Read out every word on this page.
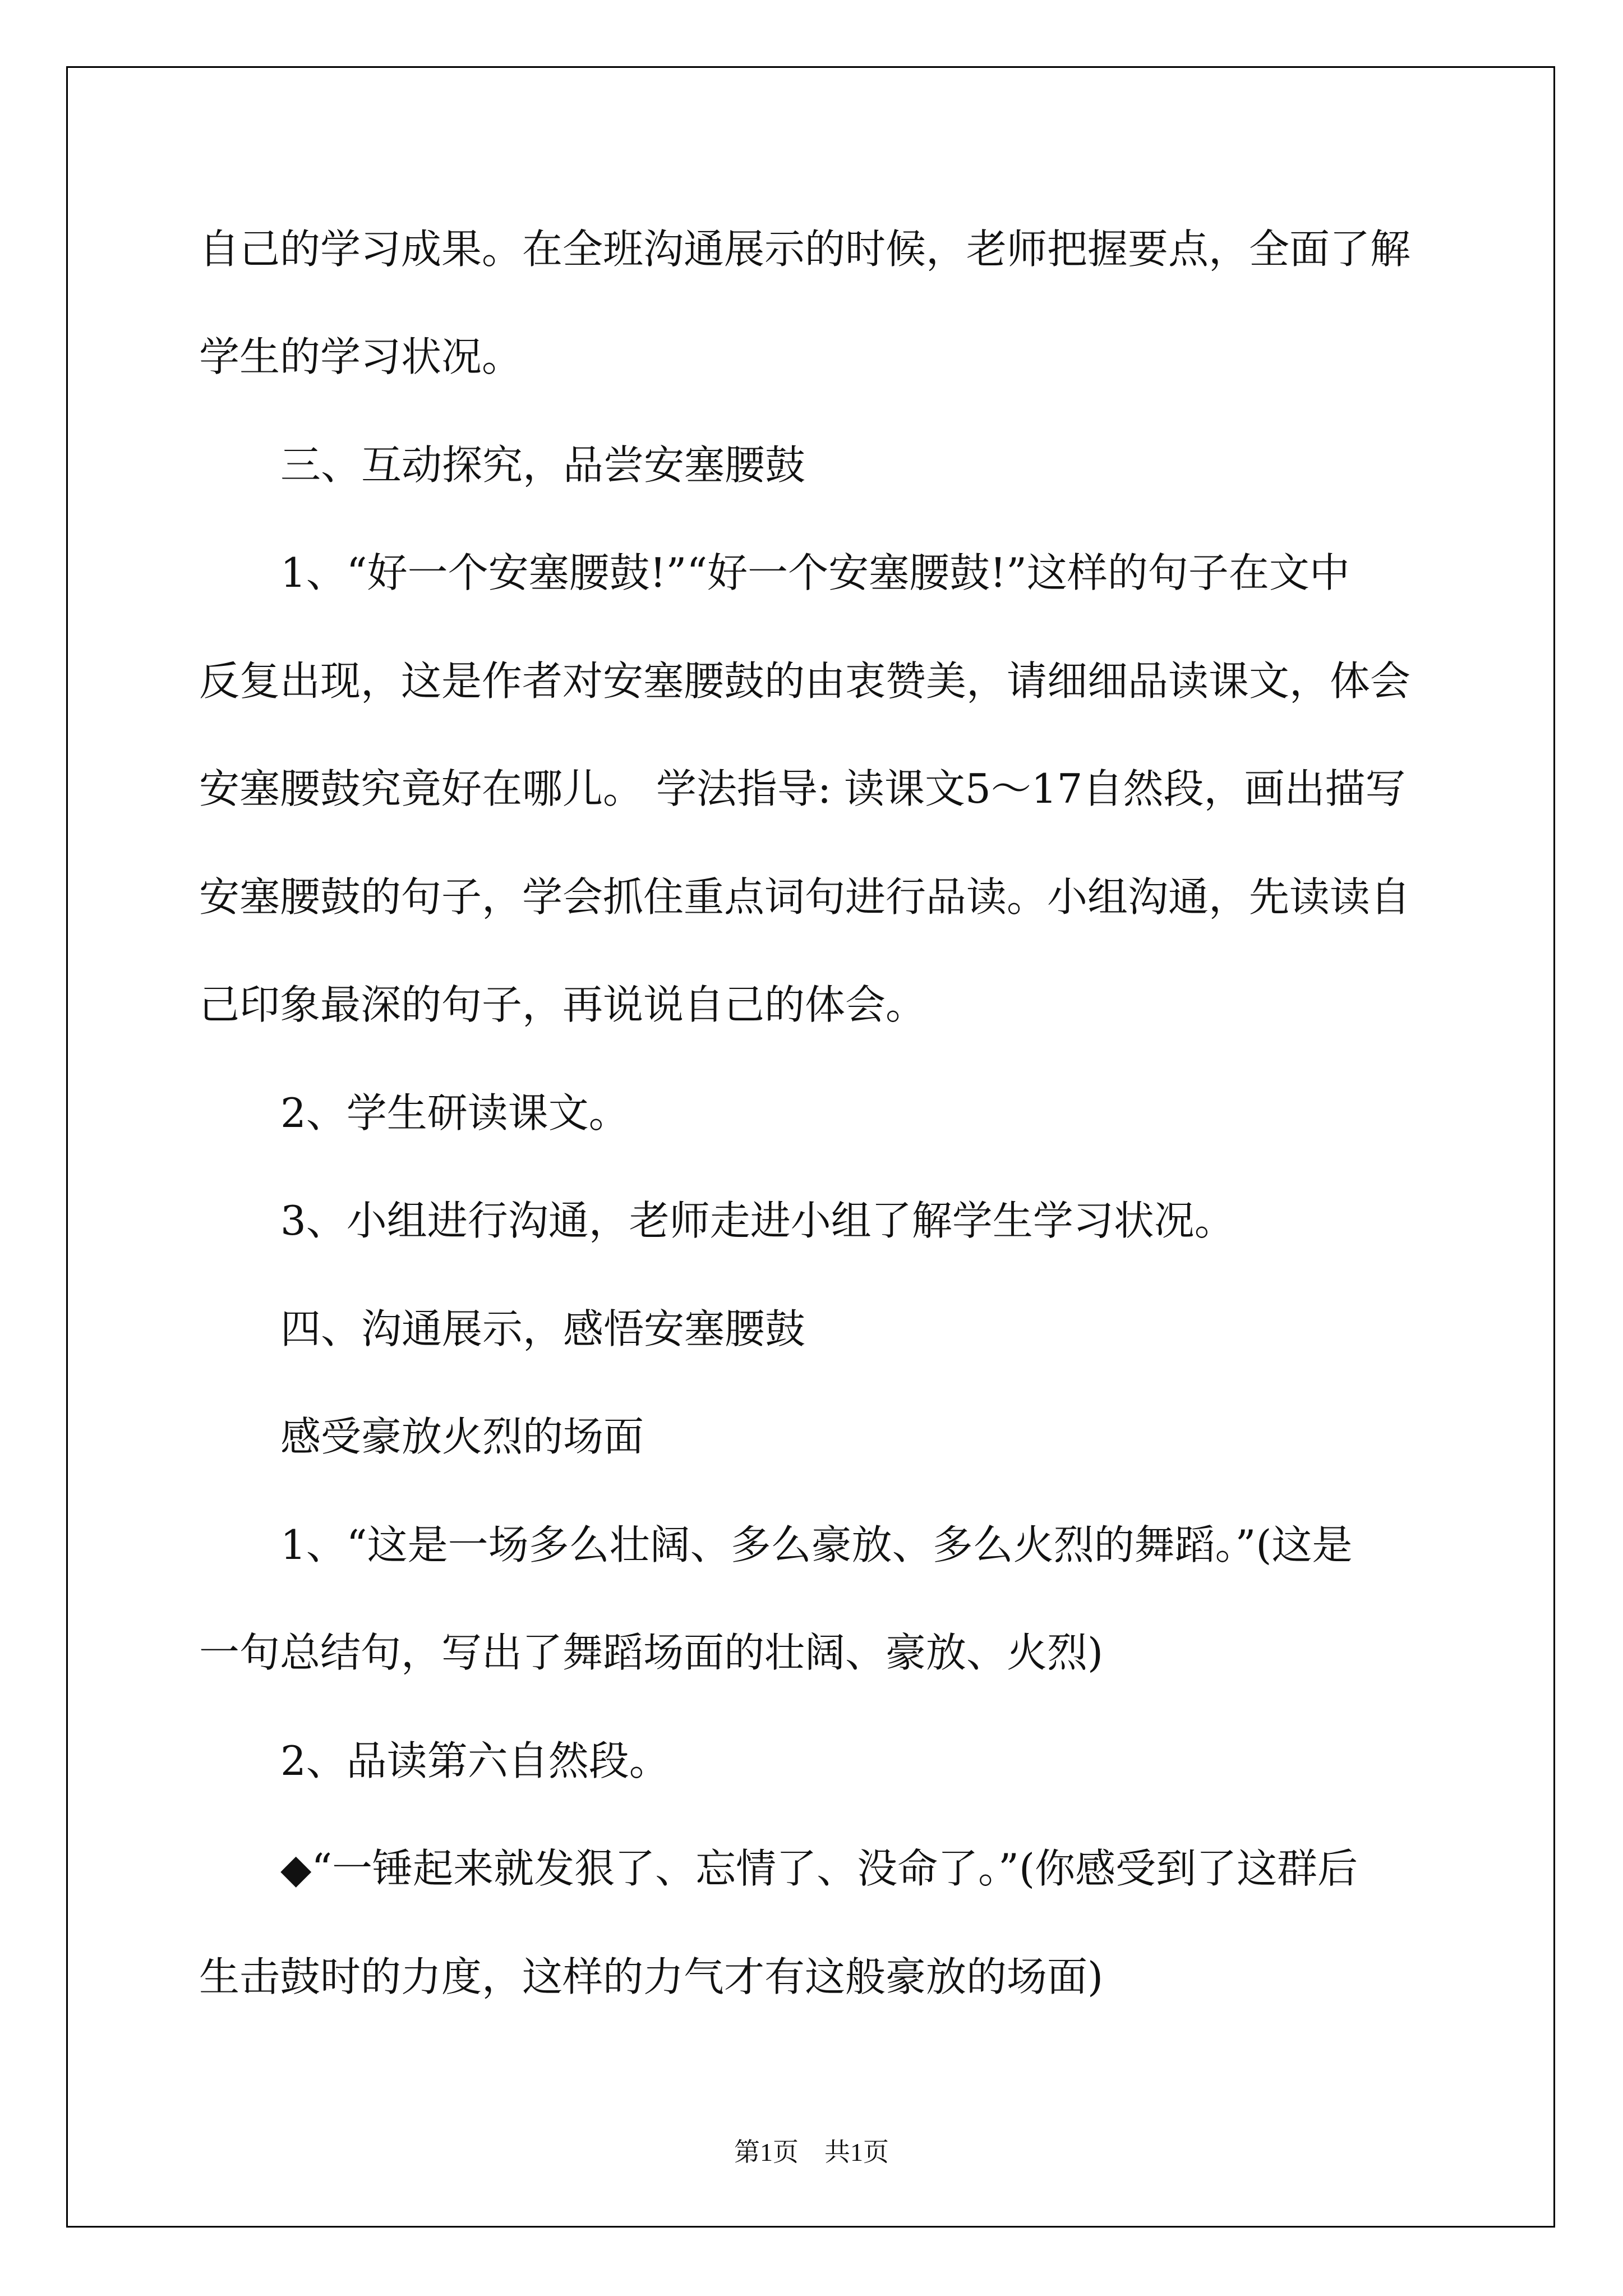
自己的学习成果。在全班沟通展示的时候，老师把握要点，全面了解
学生的学习状况。
三、互动探究，品尝安塞腰鼓
1、“好一个安塞腰鼓!”“好一个安塞腰鼓!”这样的句子在文中
反复出现，这是作者对安塞腰鼓的由衷赞美，请细细品读课文，体会
安塞腰鼓究竟好在哪儿。 学法指导: 读课文5～17自然段，画出描写
安塞腰鼓的句子，学会抓住重点词句进行品读。小组沟通，先读读自
己印象最深的句子，再说说自己的体会。
2、学生研读课文。
3、小组进行沟通，老师走进小组了解学生学习状况。
四、沟通展示，感悟安塞腰鼓
感受豪放火烈的场面
1、“这是一场多么壮阔、多么豪放、多么火烈的舞蹈。”(这是
一句总结句，写出了舞蹈场面的壮阔、豪放、火烈)
2、品读第六自然段。
◆“一锤起来就发狠了、忘情了、没命了。”(你感受到了这群后
生击鼓时的力度，这样的力气才有这般豪放的场面)
第1页　共1页
